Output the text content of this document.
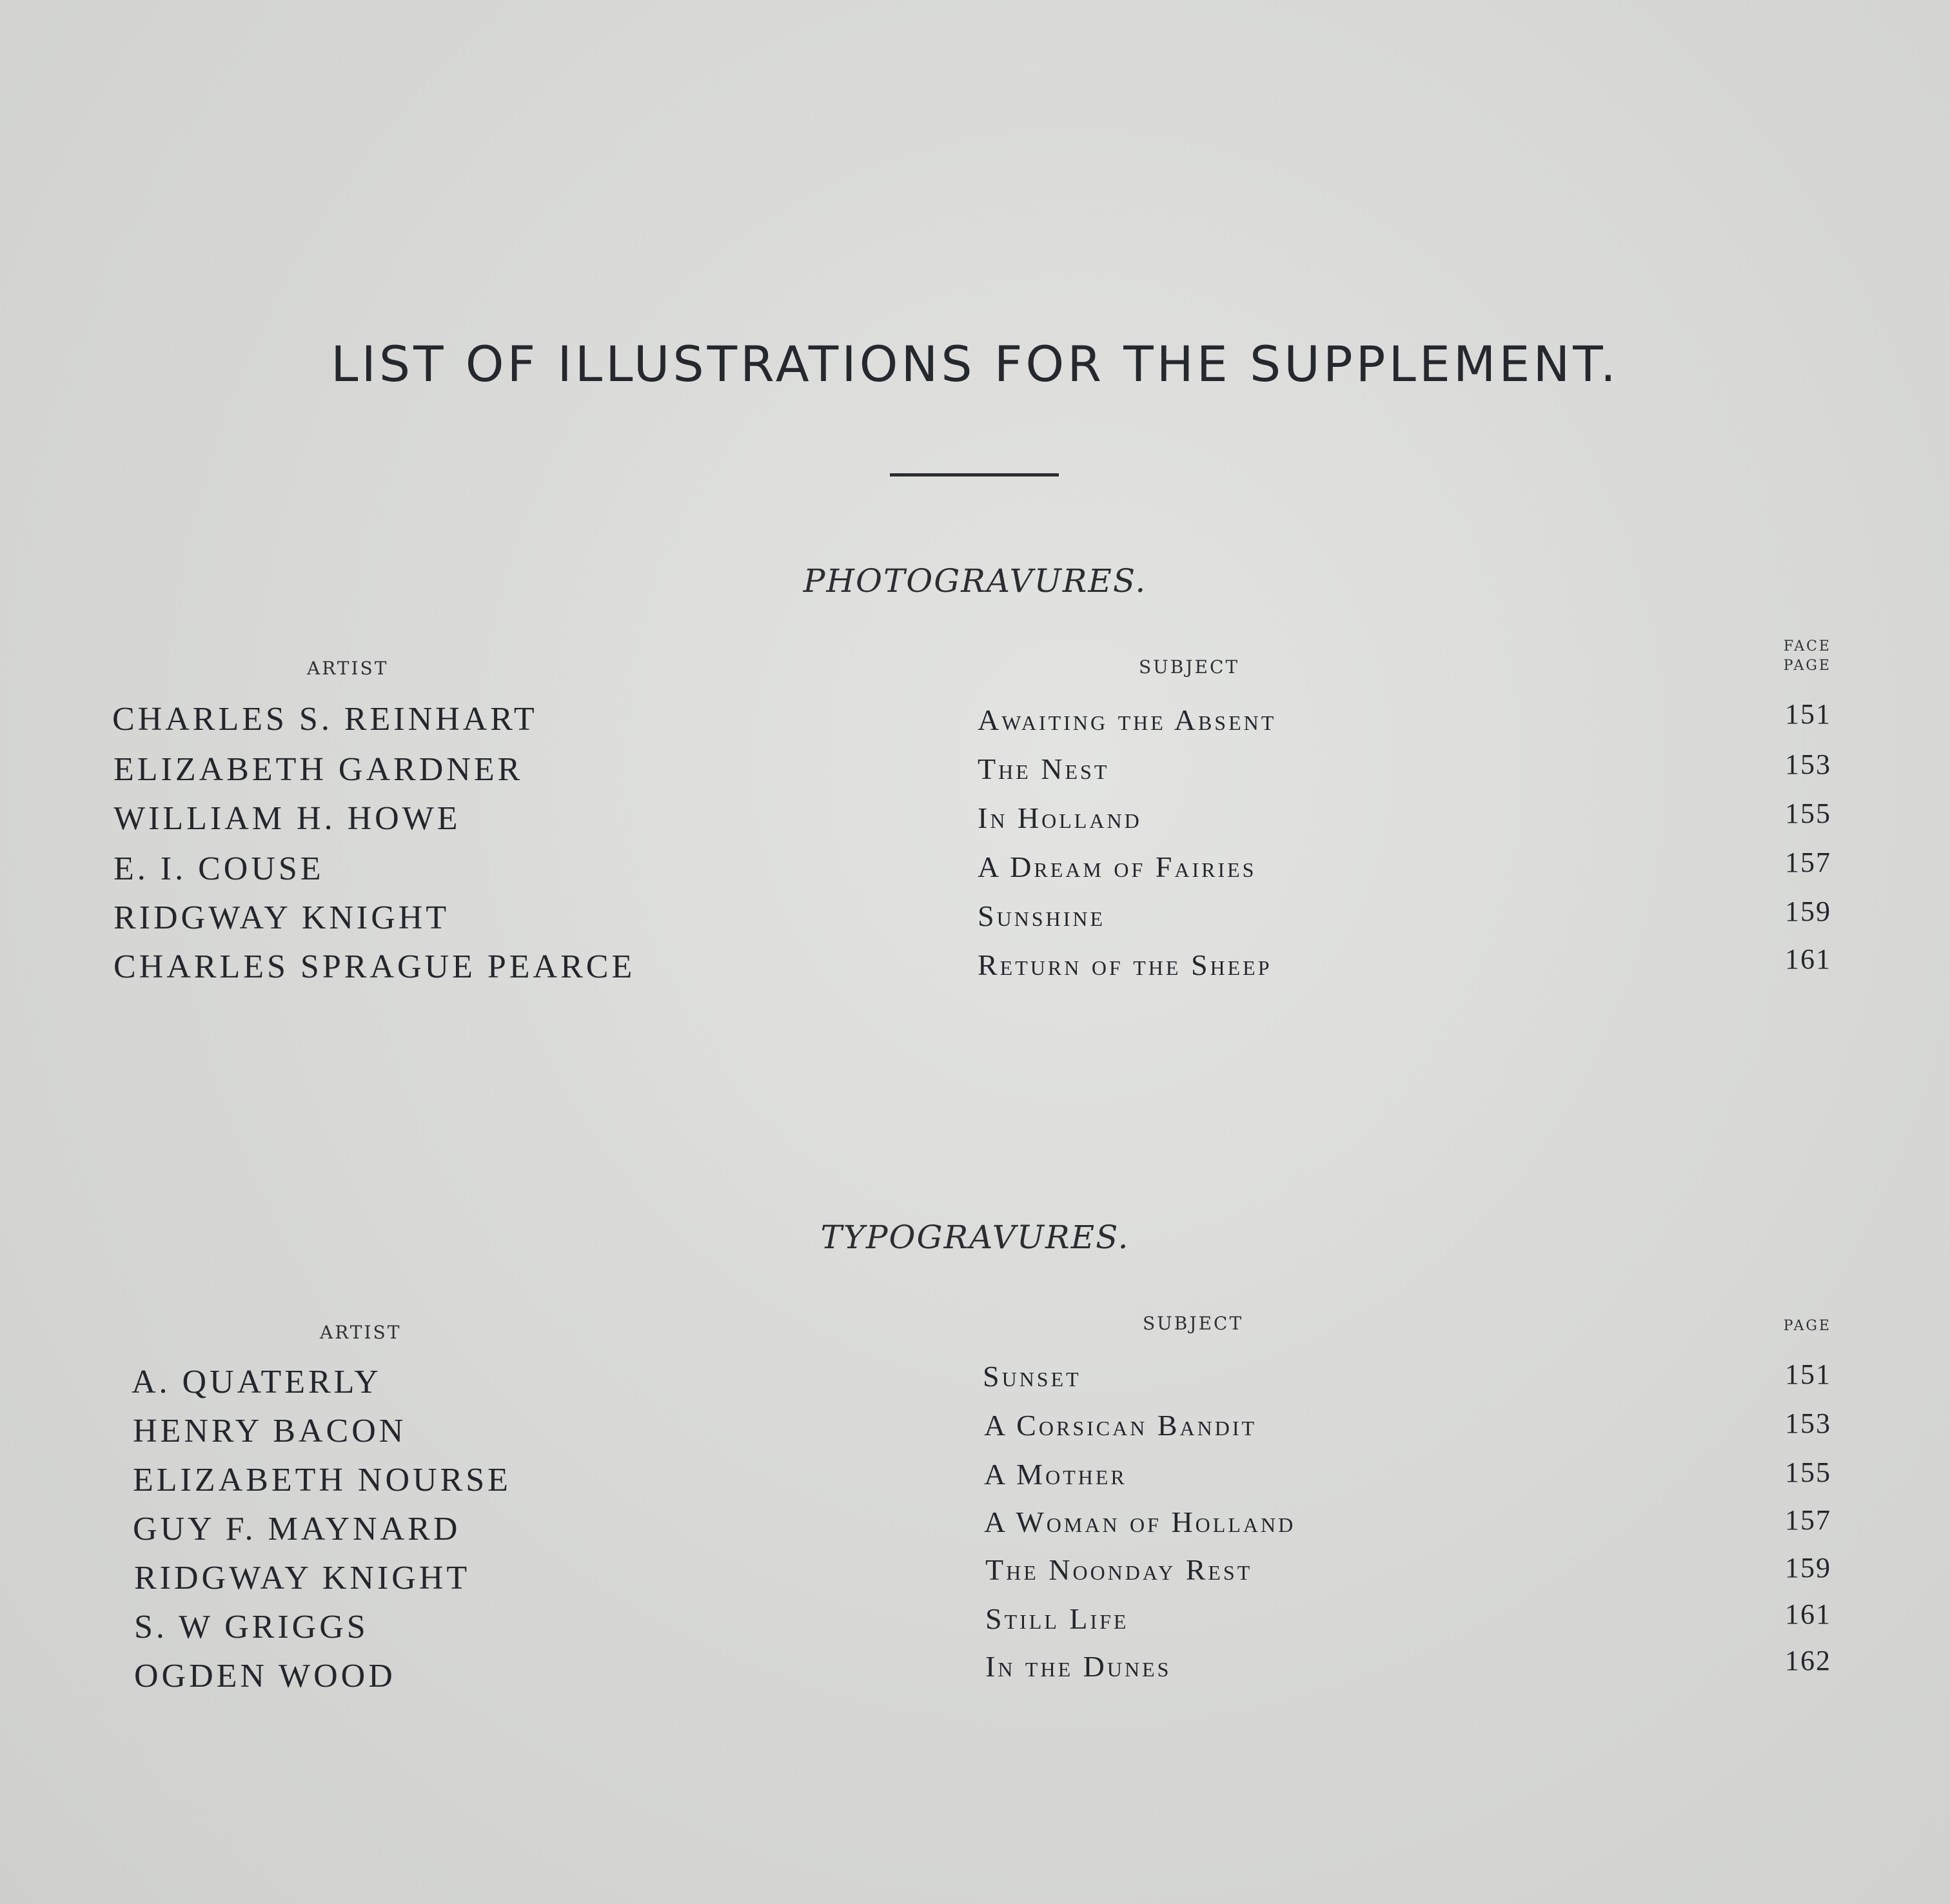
LIST OF ILLUSTRATIONS FOR THE SUPPLEMENT.
PHOTOGRAVURES.
ARTIST	SUBJECT
FACE
PAGE
CHARLES S. REINHART	Awaiting the Absent	151
ELIZABETH GARDNER	The Nest	153
WILLIAM H. HOWE	In Holland	155
E. I. COUSE	A Dream of Fairies	157
RIDGWAY KNIGHT	Sunshine	159
CHARLES SPRAGUE PEARCE	Return of the Sheep	161
TYPOGRAVURES.
ARTIST	SUBJECT	PAGE
A. QUATERLY	Sunset	151
HENRY BACON	A Corsican Bandit	153
ELIZABETH NOURSE	A Mother	155
GUY F. MAYNARD	A Woman of Holland	157
RIDGWAY KNIGHT	The Noonday Rest	159
S. W GRIGGS	Still Life	161
OGDEN WOOD	In the Dunes	162
